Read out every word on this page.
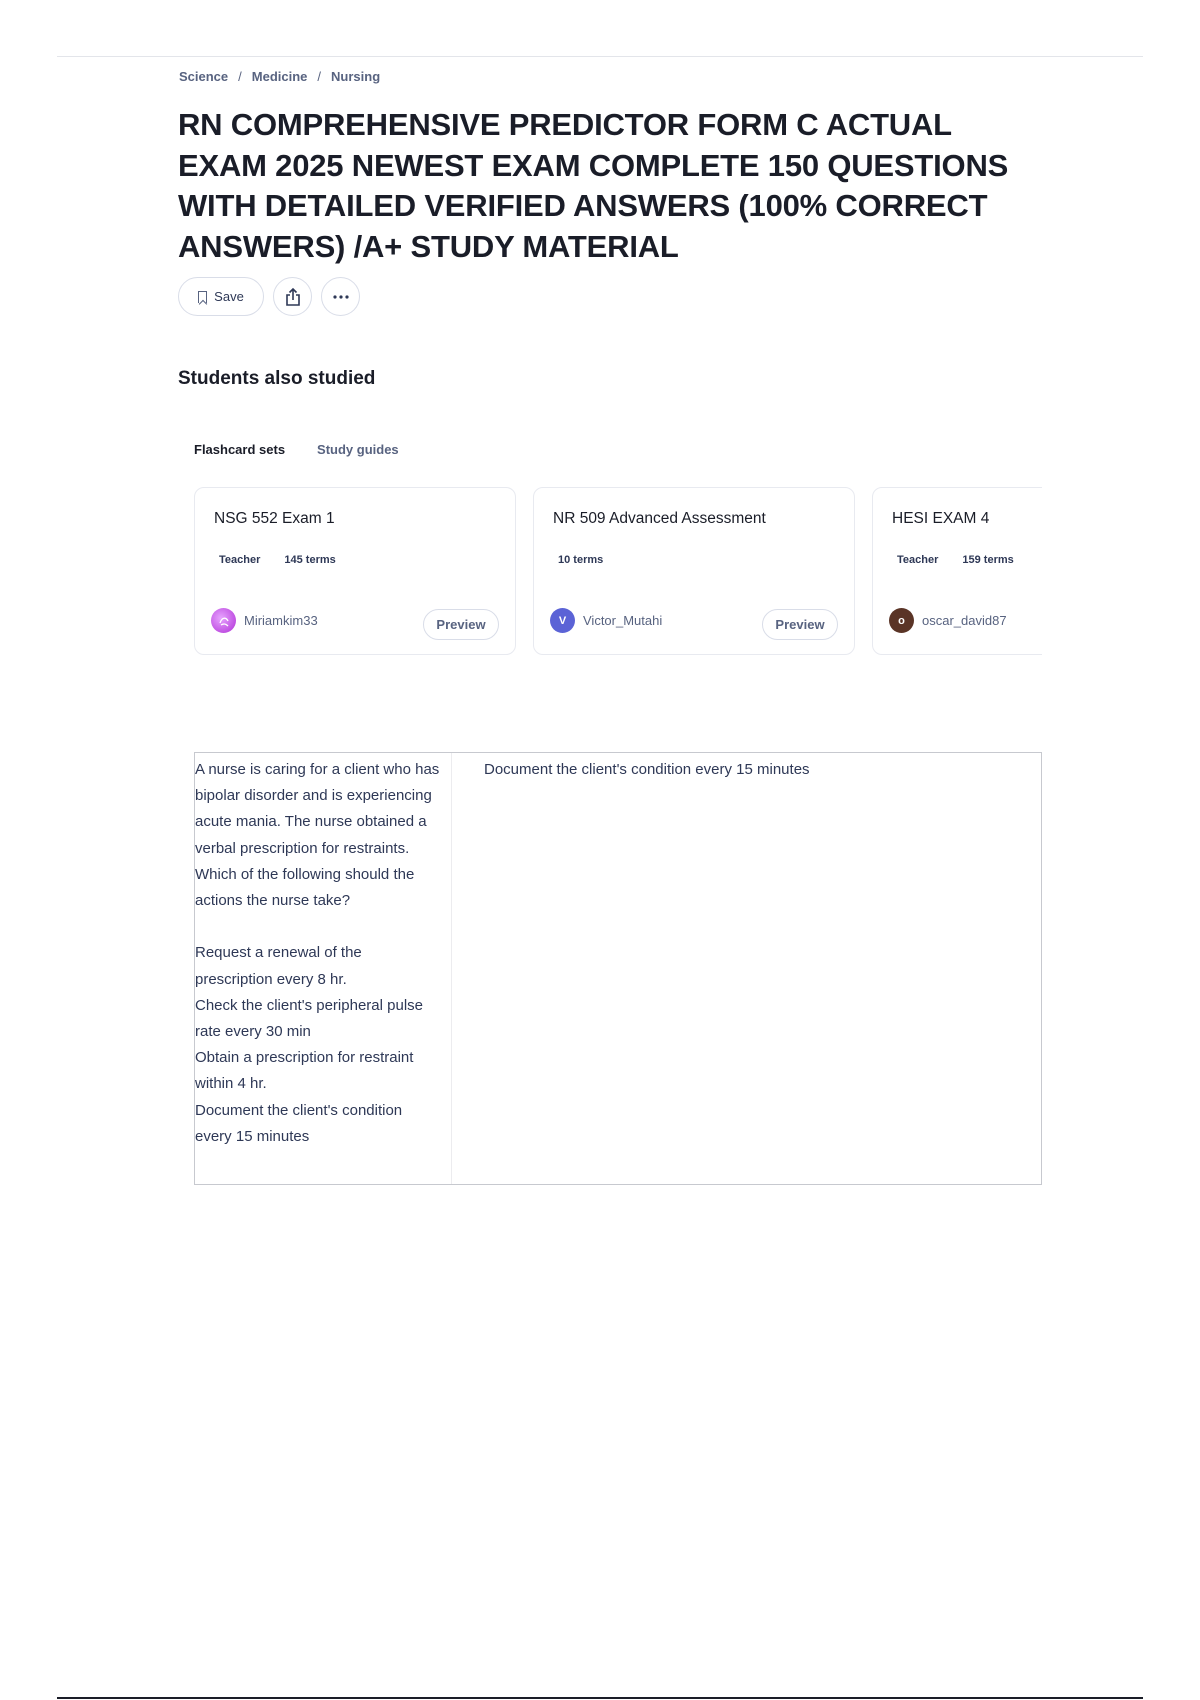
Science / Medicine / Nursing
RN COMPREHENSIVE PREDICTOR FORM C ACTUAL EXAM 2025 NEWEST EXAM COMPLETE 150 QUESTIONS WITH DETAILED VERIFIED ANSWERS (100% CORRECT ANSWERS) /A+ STUDY MATERIAL
Save
Students also studied
Flashcard sets Study guides
NSG 552 Exam 1
Teacher 145 terms
Miriamkim33	Preview
NR 509 Advanced Assessment
10 terms
V	Victor_Mutahi	Preview
HESI EXAM 4
Teacher 159 terms
o	oscar_david87
A nurse is caring for a client who has bipolar disorder and is experiencing acute mania. The nurse obtained a verbal prescription for restraints. Which of the following should the actions the nurse take?

Request a renewal of the prescription every 8 hr.
Check the client's peripheral pulse rate every 30 min
Obtain a prescription for restraint within 4 hr.
Document the client's condition every 15 minutes
Document the client's condition every 15 minutes
